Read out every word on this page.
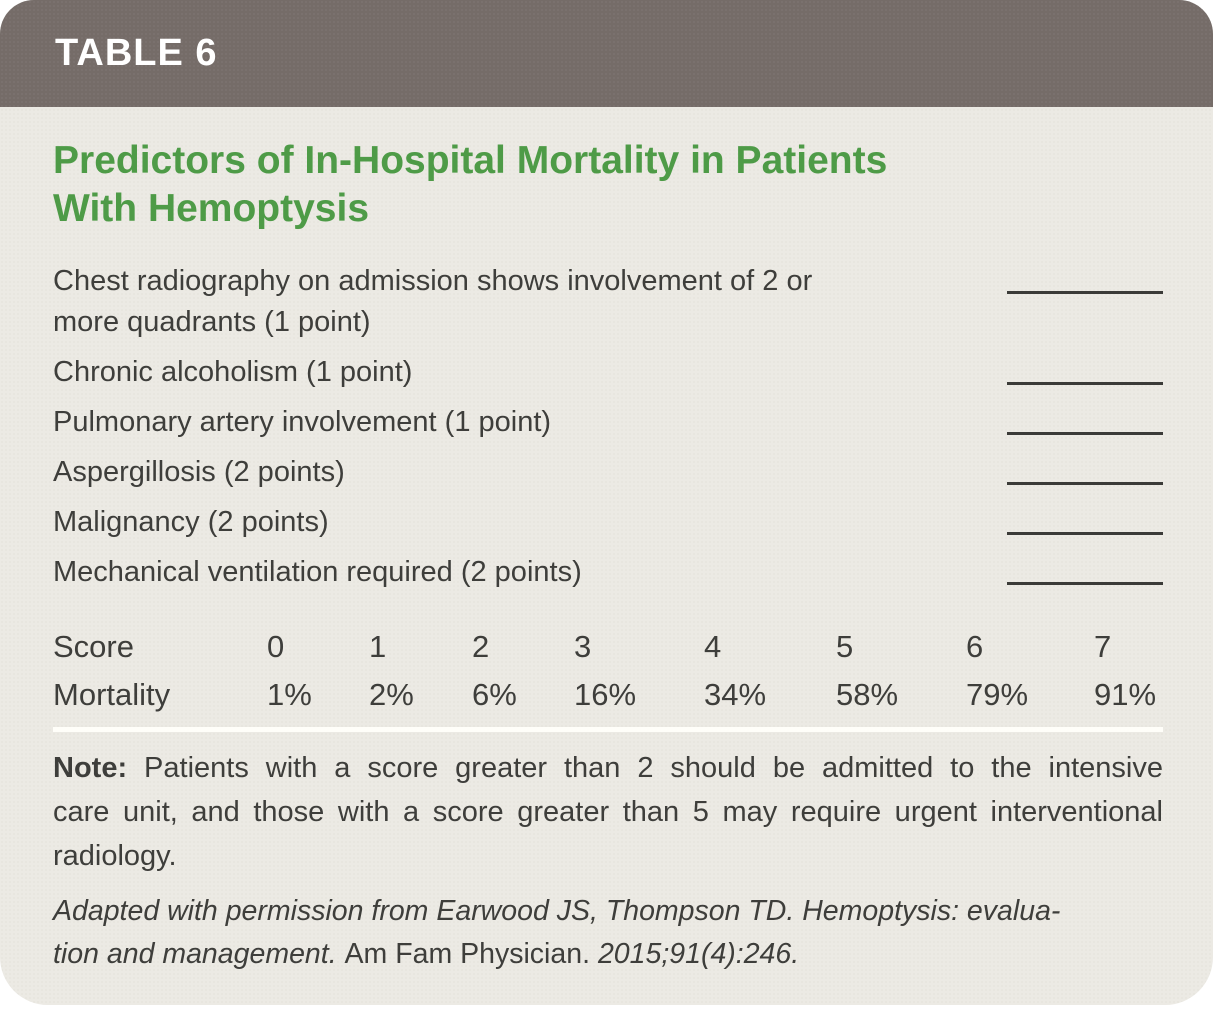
TABLE 6
Predictors of In-Hospital Mortality in Patients
With Hemoptysis
Chest radiography on admission shows involvement of 2 or
more quadrants (1 point)
Chronic alcoholism (1 point)
Pulmonary artery involvement (1 point)
Aspergillosis (2 points)
Malignancy (2 points)
Mechanical ventilation required (2 points)
Score	0	1	2	3	4	5	6	7
Mortality	1%	2%	6%	16%	34%	58%	79%	91%
Note: Patients with a score greater than 2 should be admitted to the intensive
care unit, and those with a score greater than 5 may require urgent interventional
radiology.
Adapted with permission from Earwood JS, Thompson TD. Hemoptysis: evalua-
tion and management. Am Fam Physician. 2015;91(4):246.
